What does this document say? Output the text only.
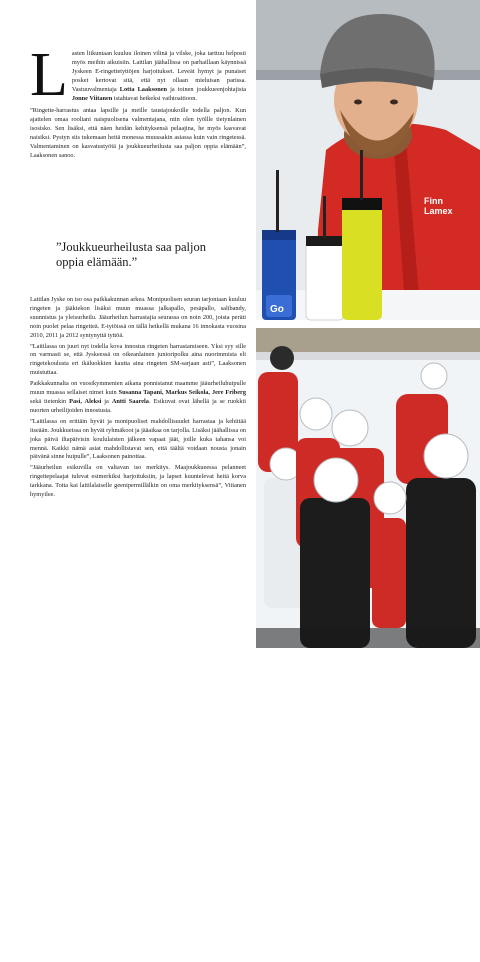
Lasten liikuntaan kuuluu iloinen vilinä ja vilske, joka tarttuu helposti myös meihin aikuisiin. Laitilan jäähallissa on parhaillaan käynnissä Jyskeen E-ringettetyttöjen harjoitukset. Leveät hymyt ja punaiset posket kertovat sitä, että nyt ollaan mieluisan parissa. Vastuuvalmentaja Lotta Laaksonen ja toinen joukkueenjohtajista Jonne Viitanen istahtavat hetkeksi vaihtoaitioon.

”Ringette-harrastus antaa lapsille ja meille taustajoukoille todella paljon. Kun ajattelen omaa rooliani naispuolisena valmentajana, niin olen työllle tietynlainen isosisko. Sen lisäksi, että näen heidän kehityksensä pelaajina, he myös kasvavat naisiksi. Pystyn siis tukemaan heitä monessa muussakin asiassa kuin vain ringetessä. Valmentaminen on kasvatustyötä ja joukkueurheilusta saa paljon oppia elämään”, Laaksonen sanoo.

”Joukkueurheilusta saa paljon oppia elämään.”

Laitilan Jyske on iso osa paikkakunnan arkea. Monipuolisen seuran tarjontaan kuuluu ringeten ja jääkiekon lisäksi muun muassa jalkapallo, pesäpallo, salibandy, suunnistus ja yleisurheilu. Jääurheilun harrastajia seurassa on noin 200, joista peräti noin puolet pelaa ringetteä. E-tytöissä on tällä hetkellä mukana 16 innokasta vuosina 2010, 2011 ja 2012 syntynyttä tyttöä.

”Laitilassa on juuri nyt todella kova innostus ringeten harrastamiseen. Yksi syy sille on varmasti se, että Jyskeessä on oikeanlainen junioripolku aina nuorimmista eli ringetekoulusta eri ikäluokkien kautta aina ringeten SM-sarjaan asti”, Laaksonen muistuttaa.

Paikkakunnalta on vuosikymmenien aikana ponnistanut maamme jääurheiluhuipulle muun muassa sellaiset nimet kuin Susanna Tapani, Markus Seikola, Jere Friberg sekä tietenkin Pasi, Aleksi ja Antti Saarela. Esikuvat ovat lähellä ja se ruokkii nuorten urheilijoiden innostusta.

”Laitilassa on erittäin hyvät ja monipuoliset mahdollisuudet harrastaa ja kehittää itseään. Joukkueissa on hyvät ryhmäkoot ja jääaikaa on tarjolla. Lisäksi jäähallissa on joka päivä iltapäivisin koululaisten jälkeen vapaat jäät, joille kuka tahansa voi mennä. Kaikki nämä asiat mahdollistavat sen, että täältä voidaan nousta jonain päivänä sinne huipulle”, Laaksonen painottaa.

”Jääurheilun esikuvilla on valtavan iso merkitys. Maajoukkueessa pelanneet ringettepelaajat tulevat esimerkiksi harjoituksiin, ja lapset kuuntelevat heitä korva tarkkana. Totta kai laitilalaiselle geenipermillälkin on oma merkityksensä”, Viitanen hymyilee.

Finn
Lamex
Go
ENERGINEN NAAPURISI 21
